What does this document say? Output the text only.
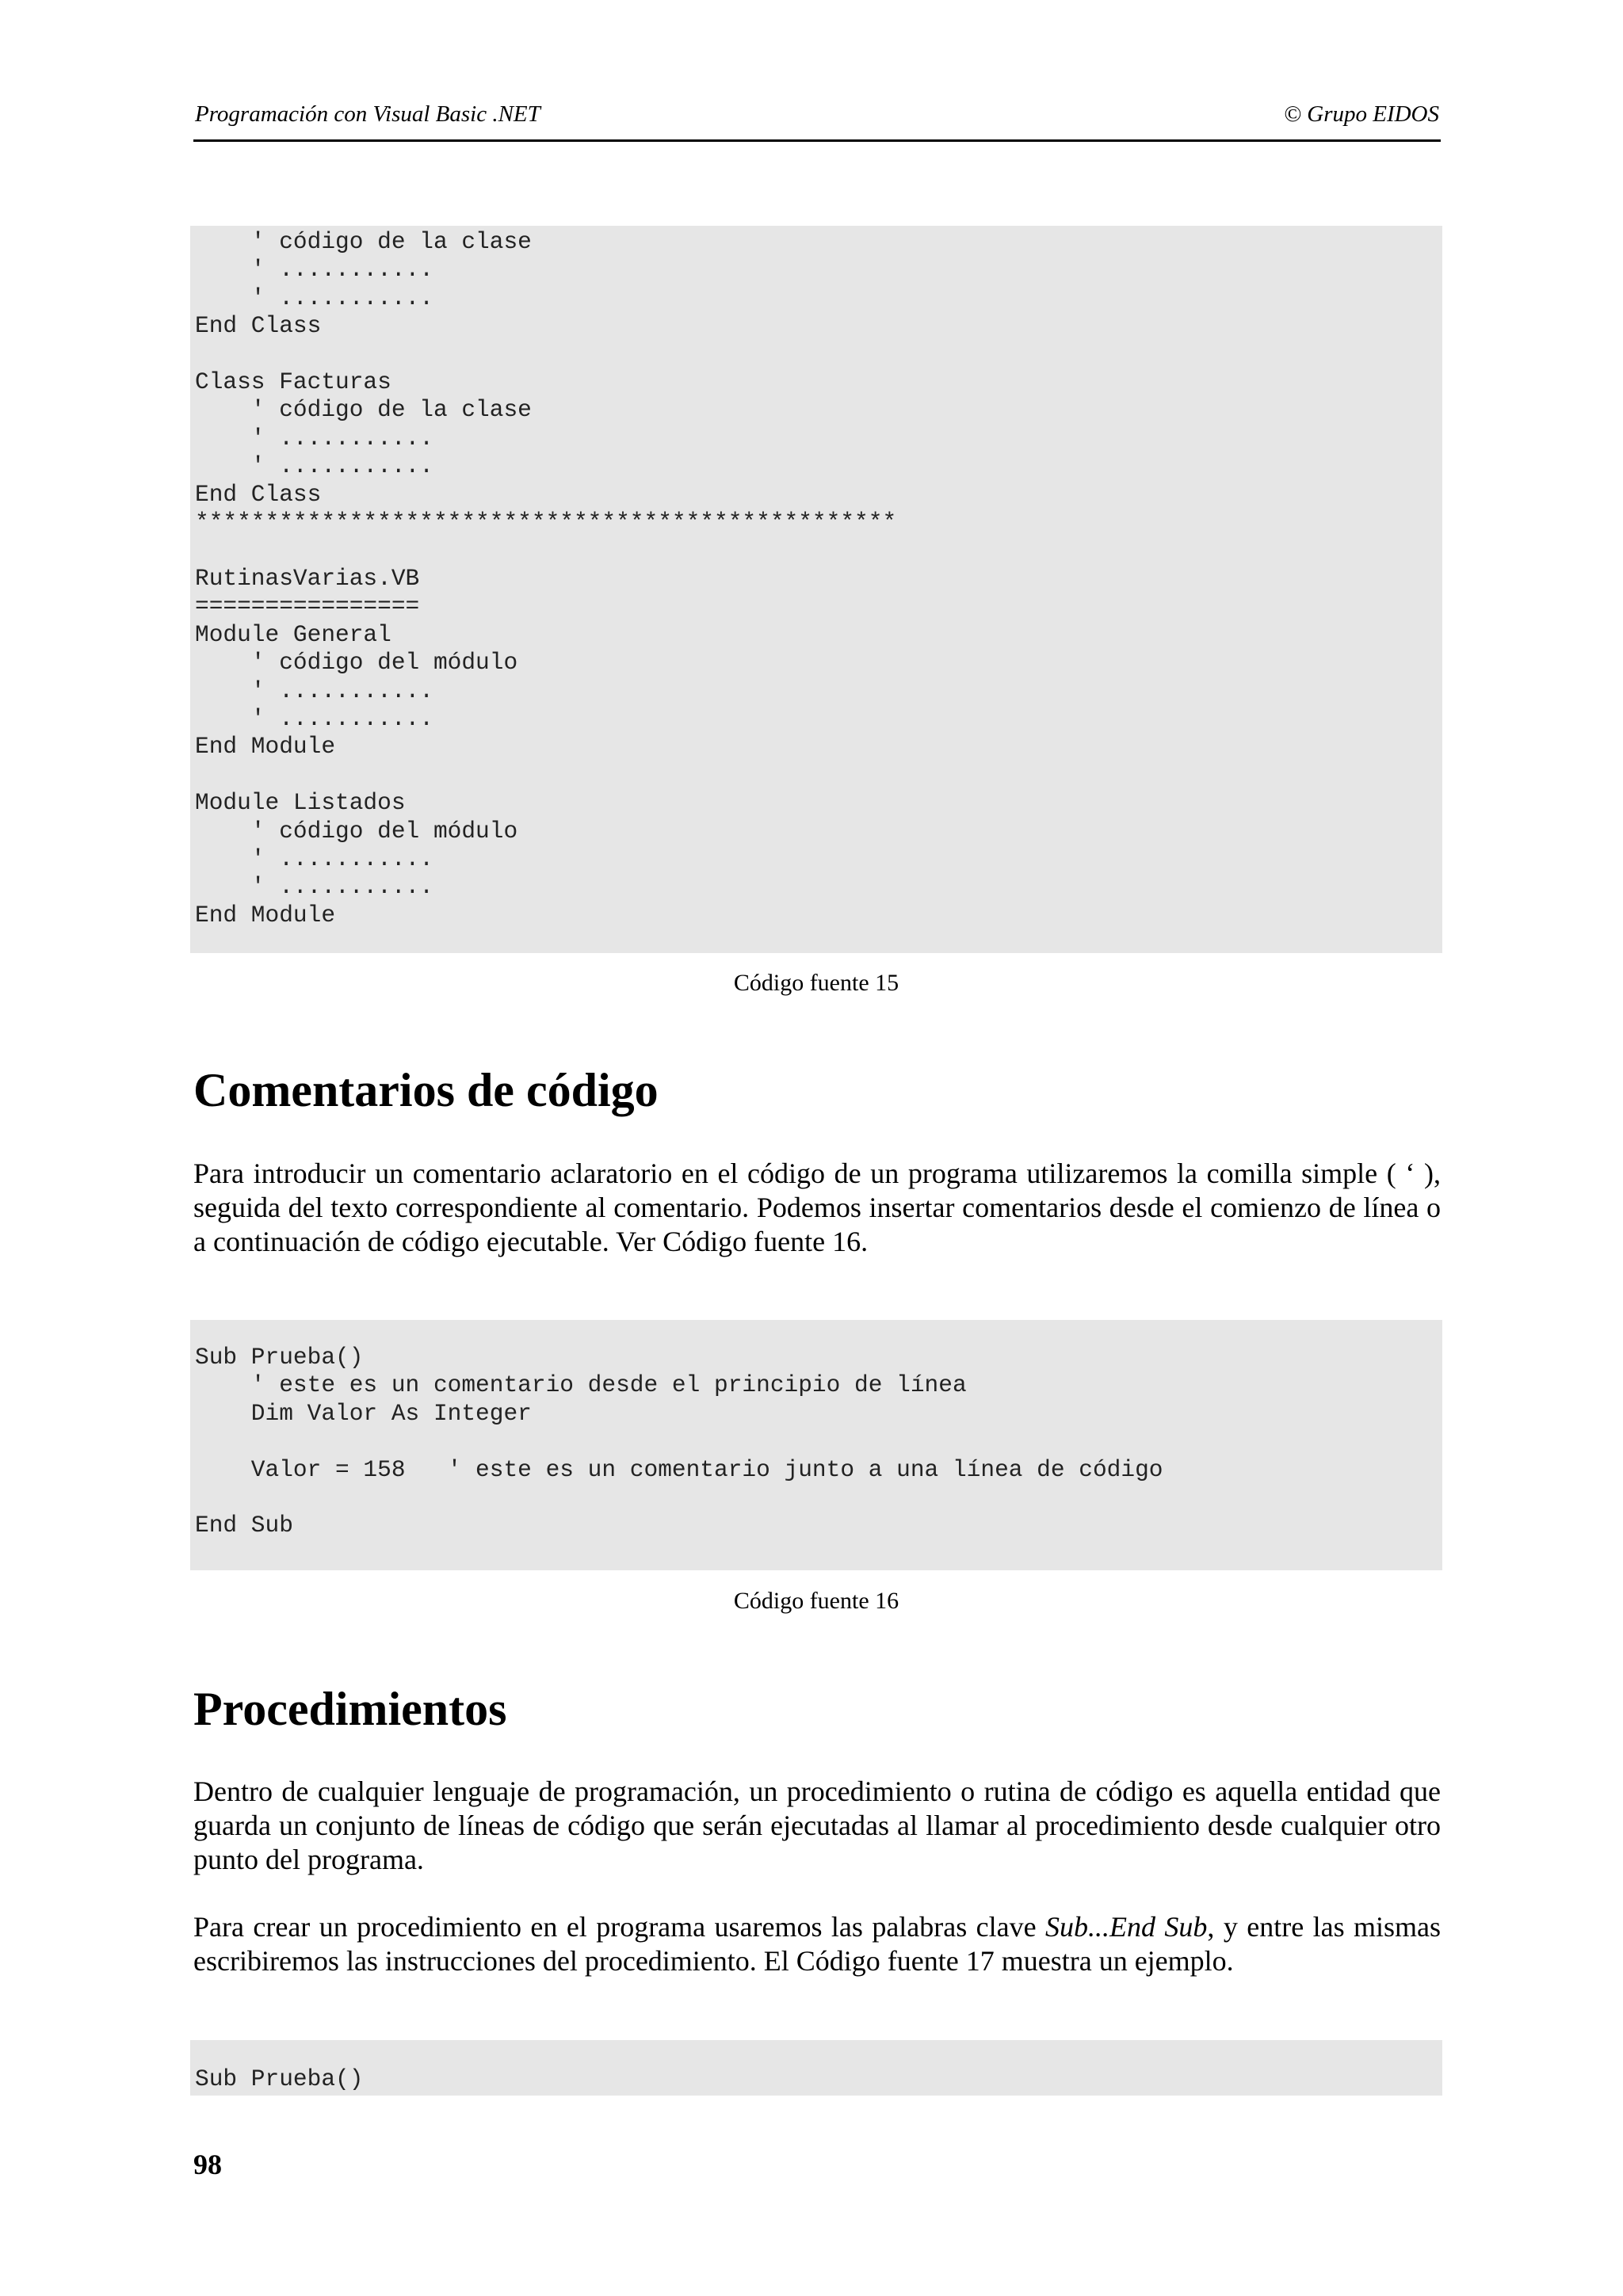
Programación con Visual Basic .NET	© Grupo EIDOS
' código de la clase
' ...........
' ...........
End Class

Class Facturas
' código de la clase
' ...........
' ...........
End Class
**************************************************

RutinasVarias.VB
================
Module General
' código del módulo
' ...........
' ...........
End Module

Module Listados
' código del módulo
' ...........
' ...........
End Module
Código fuente 15
Comentarios de código

Para introducir un comentario aclaratorio en el código de un programa utilizaremos la comilla simple ( ‘ ), seguida del texto correspondiente al comentario. Podemos insertar comentarios desde el comienzo de línea o a continuación de código ejecutable. Ver Código fuente 16.

Sub Prueba()
' este es un comentario desde el principio de línea
Dim Valor As Integer

Valor = 158   ' este es un comentario junto a una línea de código

End Sub
Código fuente 16
Procedimientos

Dentro de cualquier lenguaje de programación, un procedimiento o rutina de código es aquella entidad que guarda un conjunto de líneas de código que serán ejecutadas al llamar al procedimiento desde cualquier otro punto del programa.

Para crear un procedimiento en el programa usaremos las palabras clave Sub...End Sub, y entre las mismas escribiremos las instrucciones del procedimiento. El Código fuente 17 muestra un ejemplo.

Sub Prueba()
98
